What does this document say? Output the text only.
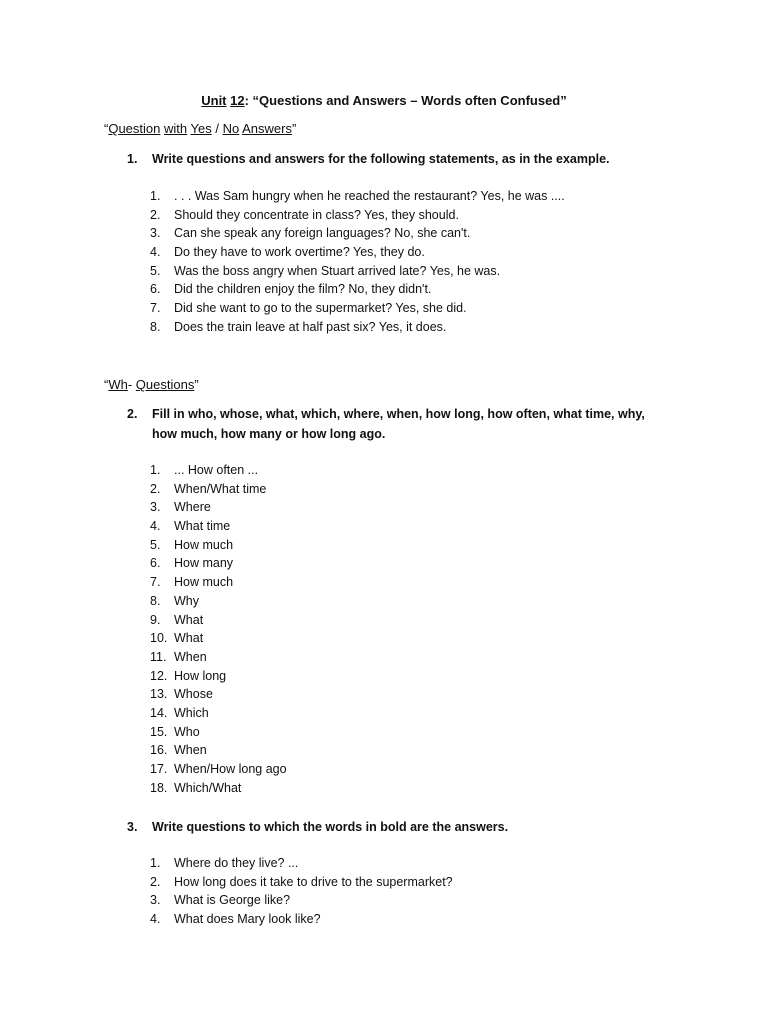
Unit 12: “Questions and Answers – Words often Confused”
“Question with Yes / No Answers”
1. Write questions and answers for the following statements, as in the example.
1. . . . Was Sam hungry when he reached the restaurant? Yes, he was ....
2. Should they concentrate in class? Yes, they should.
3. Can she speak any foreign languages? No, she can't.
4. Do they have to work overtime? Yes, they do.
5. Was the boss angry when Stuart arrived late? Yes, he was.
6. Did the children enjoy the film? No, they didn't.
7. Did she want to go to the supermarket? Yes, she did.
8. Does the train leave at half past six? Yes, it does.
“Wh- Questions”
2. Fill in who, whose, what, which, where, when, how long, how often, what time, why, how much, how many or how long ago.
1. ... How often ...
2. When/What time
3. Where
4. What time
5. How much
6. How many
7. How much
8. Why
9. What
10. What
11. When
12. How long
13. Whose
14. Which
15. Who
16. When
17. When/How long ago
18. Which/What
3. Write questions to which the words in bold are the answers.
1. Where do they live? ...
2. How long does it take to drive to the supermarket?
3. What is George like?
4. What does Mary look like?
